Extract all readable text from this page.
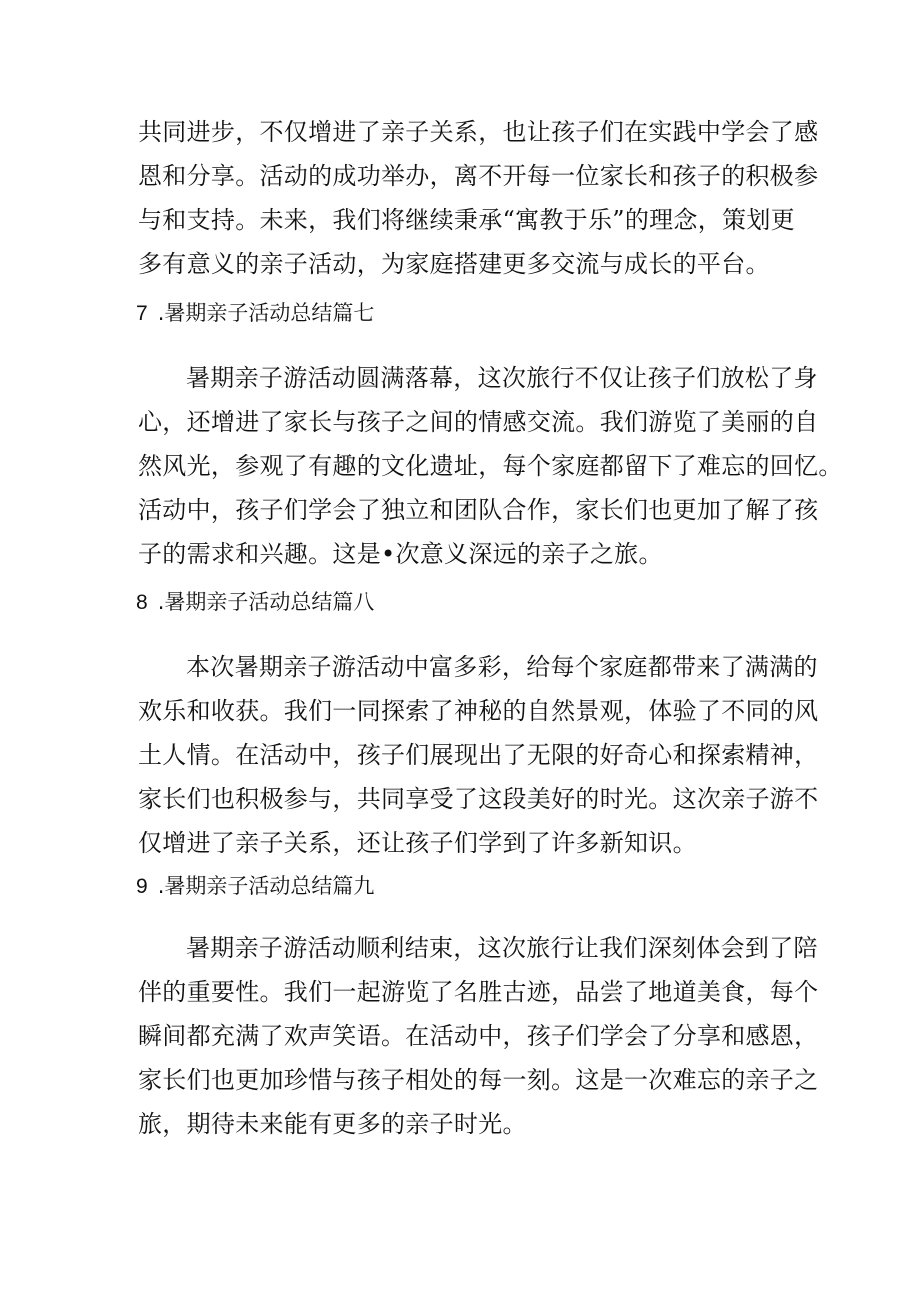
共同进步，不仅增进了亲子关系，也让孩子们在实践中学会了感
恩和分享。活动的成功举办，离不开每一位家长和孩子的积极参
与和支持。未来，我们将继续秉承“寓教于乐”的理念，策划更
多有意义的亲子活动，为家庭搭建更多交流与成长的平台。
7 .暑期亲子活动总结篇七
暑期亲子游活动圆满落幕，这次旅行不仅让孩子们放松了身
心，还增进了家长与孩子之间的情感交流。我们游览了美丽的自
然风光，参观了有趣的文化遗址，每个家庭都留下了难忘的回忆。
活动中，孩子们学会了独立和团队合作，家长们也更加了解了孩
子的需求和兴趣。这是•次意义深远的亲子之旅。
8 .暑期亲子活动总结篇八
本次暑期亲子游活动中富多彩，给每个家庭都带来了满满的
欢乐和收获。我们一同探索了神秘的自然景观，体验了不同的风
土人情。在活动中，孩子们展现出了无限的好奇心和探索精神，
家长们也积极参与，共同享受了这段美好的时光。这次亲子游不
仅增进了亲子关系，还让孩子们学到了许多新知识。
9 .暑期亲子活动总结篇九
暑期亲子游活动顺利结束，这次旅行让我们深刻体会到了陪
伴的重要性。我们一起游览了名胜古迹，品尝了地道美食，每个
瞬间都充满了欢声笑语。在活动中，孩子们学会了分享和感恩，
家长们也更加珍惜与孩子相处的每一刻。这是一次难忘的亲子之
旅，期待未来能有更多的亲子时光。
